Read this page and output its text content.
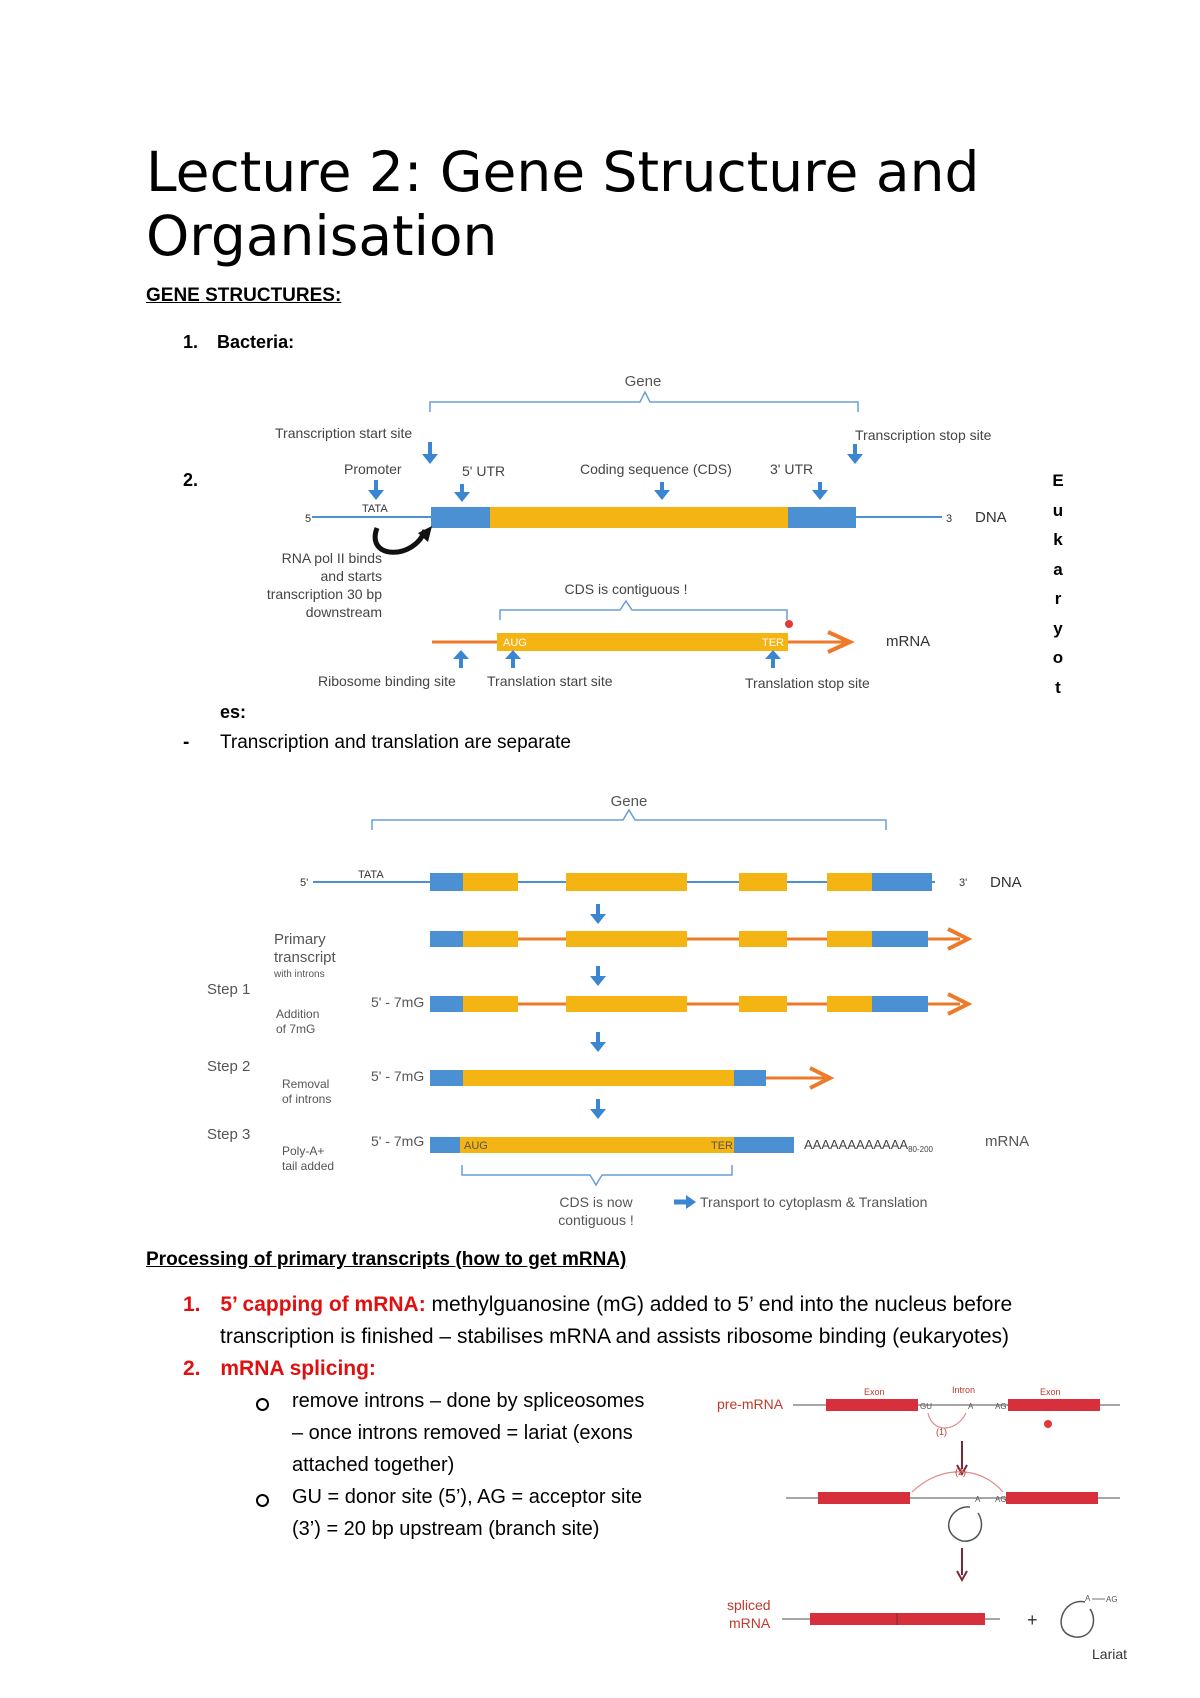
Lecture 2: Gene Structure and Organisation

GENE STRUCTURES:

1. Bacteria:
2.	E
u
k
a
r
y
o
t
es:
- Transcription and translation are separate
Gene
Transcription start site	Transcription stop site
Promoter	5' UTR	Coding sequence (CDS)	3' UTR
5	3
TATA	DNA
RNA pol II binds
and starts
transcription 30 bp
downstream
CDS is contiguous !
AUG	TER	mRNA
Ribosome binding site Translation start site	Translation stop site
Gene
5'
TATA
3' DNA
Primary
transcript
with introns
Step 1
Addition
of 7mG
5' - 7mG
Step 2
Removal
of introns
5' - 7mG
Step 3
Poly-A+
tail added
5' - 7mG	AUG	TER	$AAAAAAAAAAAA_{80-200}$	mRNA
CDS is now
contiguous !
Transport to cytoplasm & Translation

Processing of primary transcripts (how to get mRNA)

1. 5’ capping of mRNA: methylguanosine (mG) added to 5’ end into the nucleus before
transcription is finished – stabilises mRNA and assists ribosome binding (eukaryotes)
2. mRNA splicing:
remove introns – done by spliceosomes
– once introns removed = lariat (exons
attached together)
GU = donor site (5’), AG = acceptor site
(3’) = 20 bp upstream (branch site)
pre-mRNA
Exon	Intron	Exon
GU	A	AG
(1)
(2)
A AG
spliced
mRNA	+
A AG
Lariat
